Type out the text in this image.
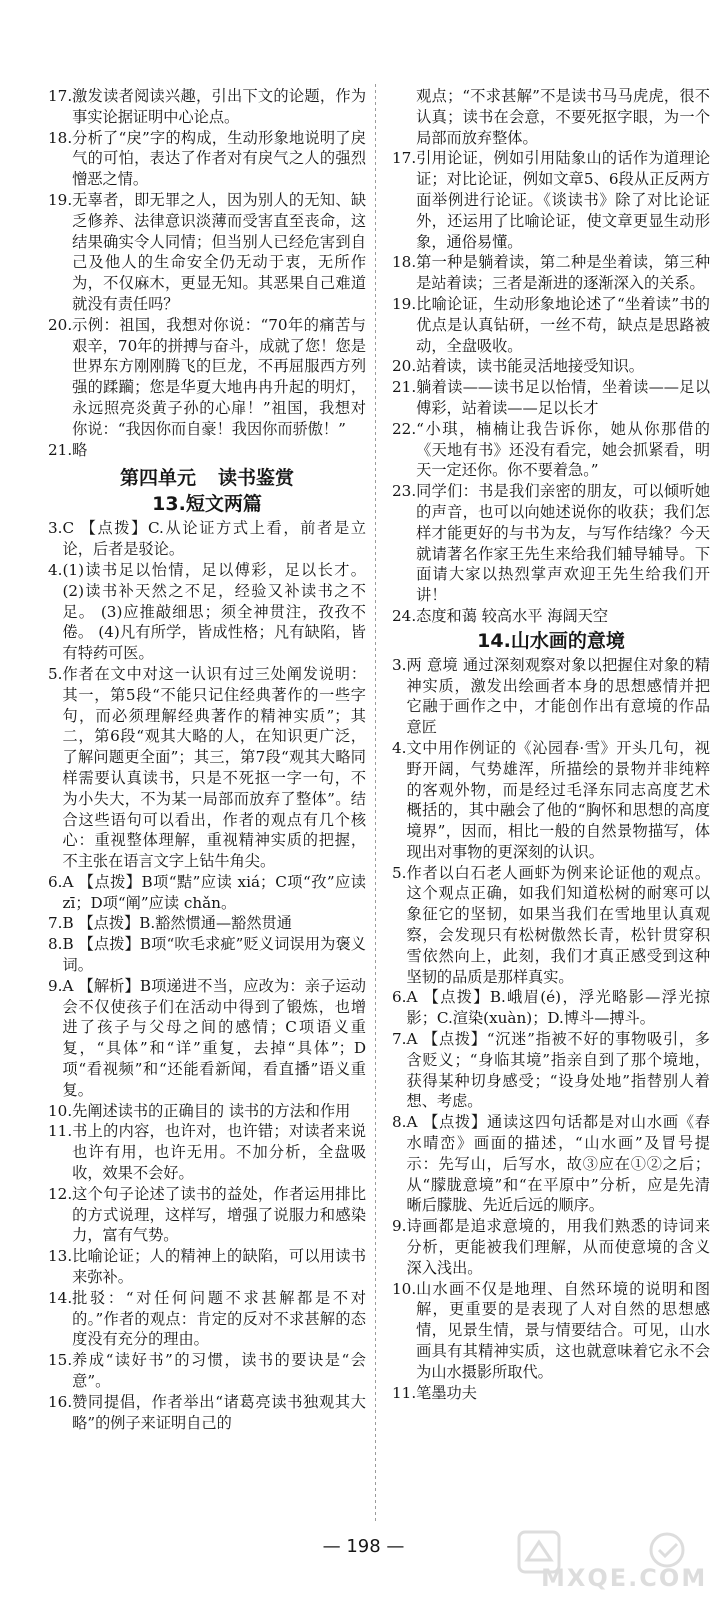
17. 激发读者阅读兴趣，引出下文的论题，作为事实论据证明中心论点。
18. 分析了“戾”字的构成，生动形象地说明了戾气的可怕，表达了作者对有戾气之人的强烈憎恶之情。
19. 无辜者，即无罪之人，因为别人的无知、缺乏修养、法律意识淡薄而受害直至丧命，这结果确实令人同情；但当别人已经危害到自己及他人的生命安全仍无动于衷，无所作为，不仅麻木，更显无知。其恶果自己难道就没有责任吗？
20. 示例：祖国，我想对你说：“70年的痛苦与艰辛，70年的拼搏与奋斗，成就了您！您是世界东方刚刚腾飞的巨龙，不再屈服西方列强的蹂躏；您是华夏大地冉冉升起的明灯，永远照亮炎黄子孙的心扉！”祖国，我想对你说：“我因你而自豪！我因你而骄傲！”
21. 略
第四单元 读书鉴赏
13.短文两篇
3. C 【点拨】C.从论证方式上看，前者是立论，后者是驳论。
4. (1)读书足以怡情，足以傅彩，足以长才。 (2)读书补天然之不足，经验又补读书之不足。 (3)应推敲细思；须全神贯注，孜孜不倦。 (4)凡有所学，皆成性格；凡有缺陷，皆有特药可医。
5. 作者在文中对这一认识有过三处阐发说明：其一，第5段“不能只记住经典著作的一些字句，而必须理解经典著作的精神实质”；其二，第6段“观其大略的人，在知识更广泛，了解问题更全面”；其三，第7段“观其大略同样需要认真读书，只是不死抠一字一句，不为小失大，不为某一局部而放弃了整体”。结合这些语句可以看出，作者的观点有几个核心：重视整体理解，重视精神实质的把握，不主张在语言文字上钻牛角尖。
6. A 【点拨】B项“黠”应读 xiá；C项“孜”应读 zī；D项“阐”应读 chǎn。
7. B 【点拨】B.豁然惯通—豁然贯通
8. B 【点拨】B项“吹毛求疵”贬义词误用为褒义词。
9. A 【解析】B项递进不当，应改为：亲子运动会不仅使孩子们在活动中得到了锻炼，也增进了孩子与父母之间的感情；C项语义重复，“具体”和“详”重复，去掉“具体”；D项“看视频”和“还能看新闻，看直播”语义重复。
10. 先阐述读书的正确目的 读书的方法和作用
11. 书上的内容，也许对，也许错；对读者来说也许有用，也许无用。不加分析，全盘吸收，效果不会好。
12. 这个句子论述了读书的益处，作者运用排比的方式说理，这样写，增强了说服力和感染力，富有气势。
13. 比喻论证；人的精神上的缺陷，可以用读书来弥补。
14. 批驳：“对任何问题不求甚解都是不对的。”作者的观点：肯定的反对不求甚解的态度没有充分的理由。
15. 养成“读好书”的习惯，读书的要诀是“会意”。
16. 赞同提倡，作者举出“诸葛亮读书独观其大略”的例子来证明自己的
观点；“不求甚解”不是读书马马虎虎，很不认真；读书在会意，不要死抠字眼，为一个局部而放弃整体。
17. 引用论证，例如引用陆象山的话作为道理论证；对比论证，例如文章5、6段从正反两方面举例进行论证。《谈读书》除了对比论证外，还运用了比喻论证，使文章更显生动形象，通俗易懂。
18. 第一种是躺着读，第二种是坐着读，第三种是站着读；三者是渐进的逐渐深入的关系。
19. 比喻论证，生动形象地论述了“坐着读”书的优点是认真钻研，一丝不苟，缺点是思路被动，全盘吸收。
20. 站着读，读书能灵活地接受知识。
21. 躺着读——读书足以怡情，坐着读——足以傅彩，站着读——足以长才
22. “小琪，楠楠让我告诉你，她从你那借的《天地有书》还没有看完，她会抓紧看，明天一定还你。你不要着急。”
23. 同学们：书是我们亲密的朋友，可以倾听她的声音，也可以向她述说你的收获；我们怎样才能更好的与书为友，与写作结缘？今天就请著名作家王先生来给我们辅导辅导。下面请大家以热烈掌声欢迎王先生给我们开讲！
24. 态度和蔼 较高水平 海阔天空
14.山水画的意境
3. 两 意境 通过深刻观察对象以把握住对象的精神实质，激发出绘画者本身的思想感情并把它融于画作之中，才能创作出有意境的作品 意匠
4. 文中用作例证的《沁园春·雪》开头几句，视野开阔，气势雄浑，所描绘的景物并非纯粹的客观外物，而是经过毛泽东同志高度艺术概括的，其中融会了他的“胸怀和思想的高度境界”，因而，相比一般的自然景物描写，体现出对事物的更深刻的认识。
5. 作者以白石老人画虾为例来论证他的观点。这个观点正确，如我们知道松树的耐寒可以象征它的坚韧，如果当我们在雪地里认真观察，会发现只有松树傲然长青，松针贯穿积雪依然向上，此刻，我们才真正感受到这种坚韧的品质是那样真实。
6. A 【点拨】B.峨眉(é)，浮光略影—浮光掠影；C.渲染(xuàn)；D.博斗—搏斗。
7. A 【点拨】“沉迷”指被不好的事物吸引，多含贬义；“身临其境”指亲自到了那个境地，获得某种切身感受；“设身处地”指替别人着想、考虑。
8. A 【点拨】通读这四句话都是对山水画《春水晴峦》画面的描述，“山水画”及冒号提示：先写山，后写水，故③应在①②之后；从“朦胧意境”和“在平原中”分析，应是先清晰后朦胧、先近后远的顺序。
9. 诗画都是追求意境的，用我们熟悉的诗词来分析，更能被我们理解，从而使意境的含义深入浅出。
10. 山水画不仅是地理、自然环境的说明和图解，更重要的是表现了人对自然的思想感情，见景生情，景与情要结合。可见，山水画具有其精神实质，这也就意味着它永不会为山水摄影所取代。
11. 笔墨功夫
— 198 —
MXQE.COM
